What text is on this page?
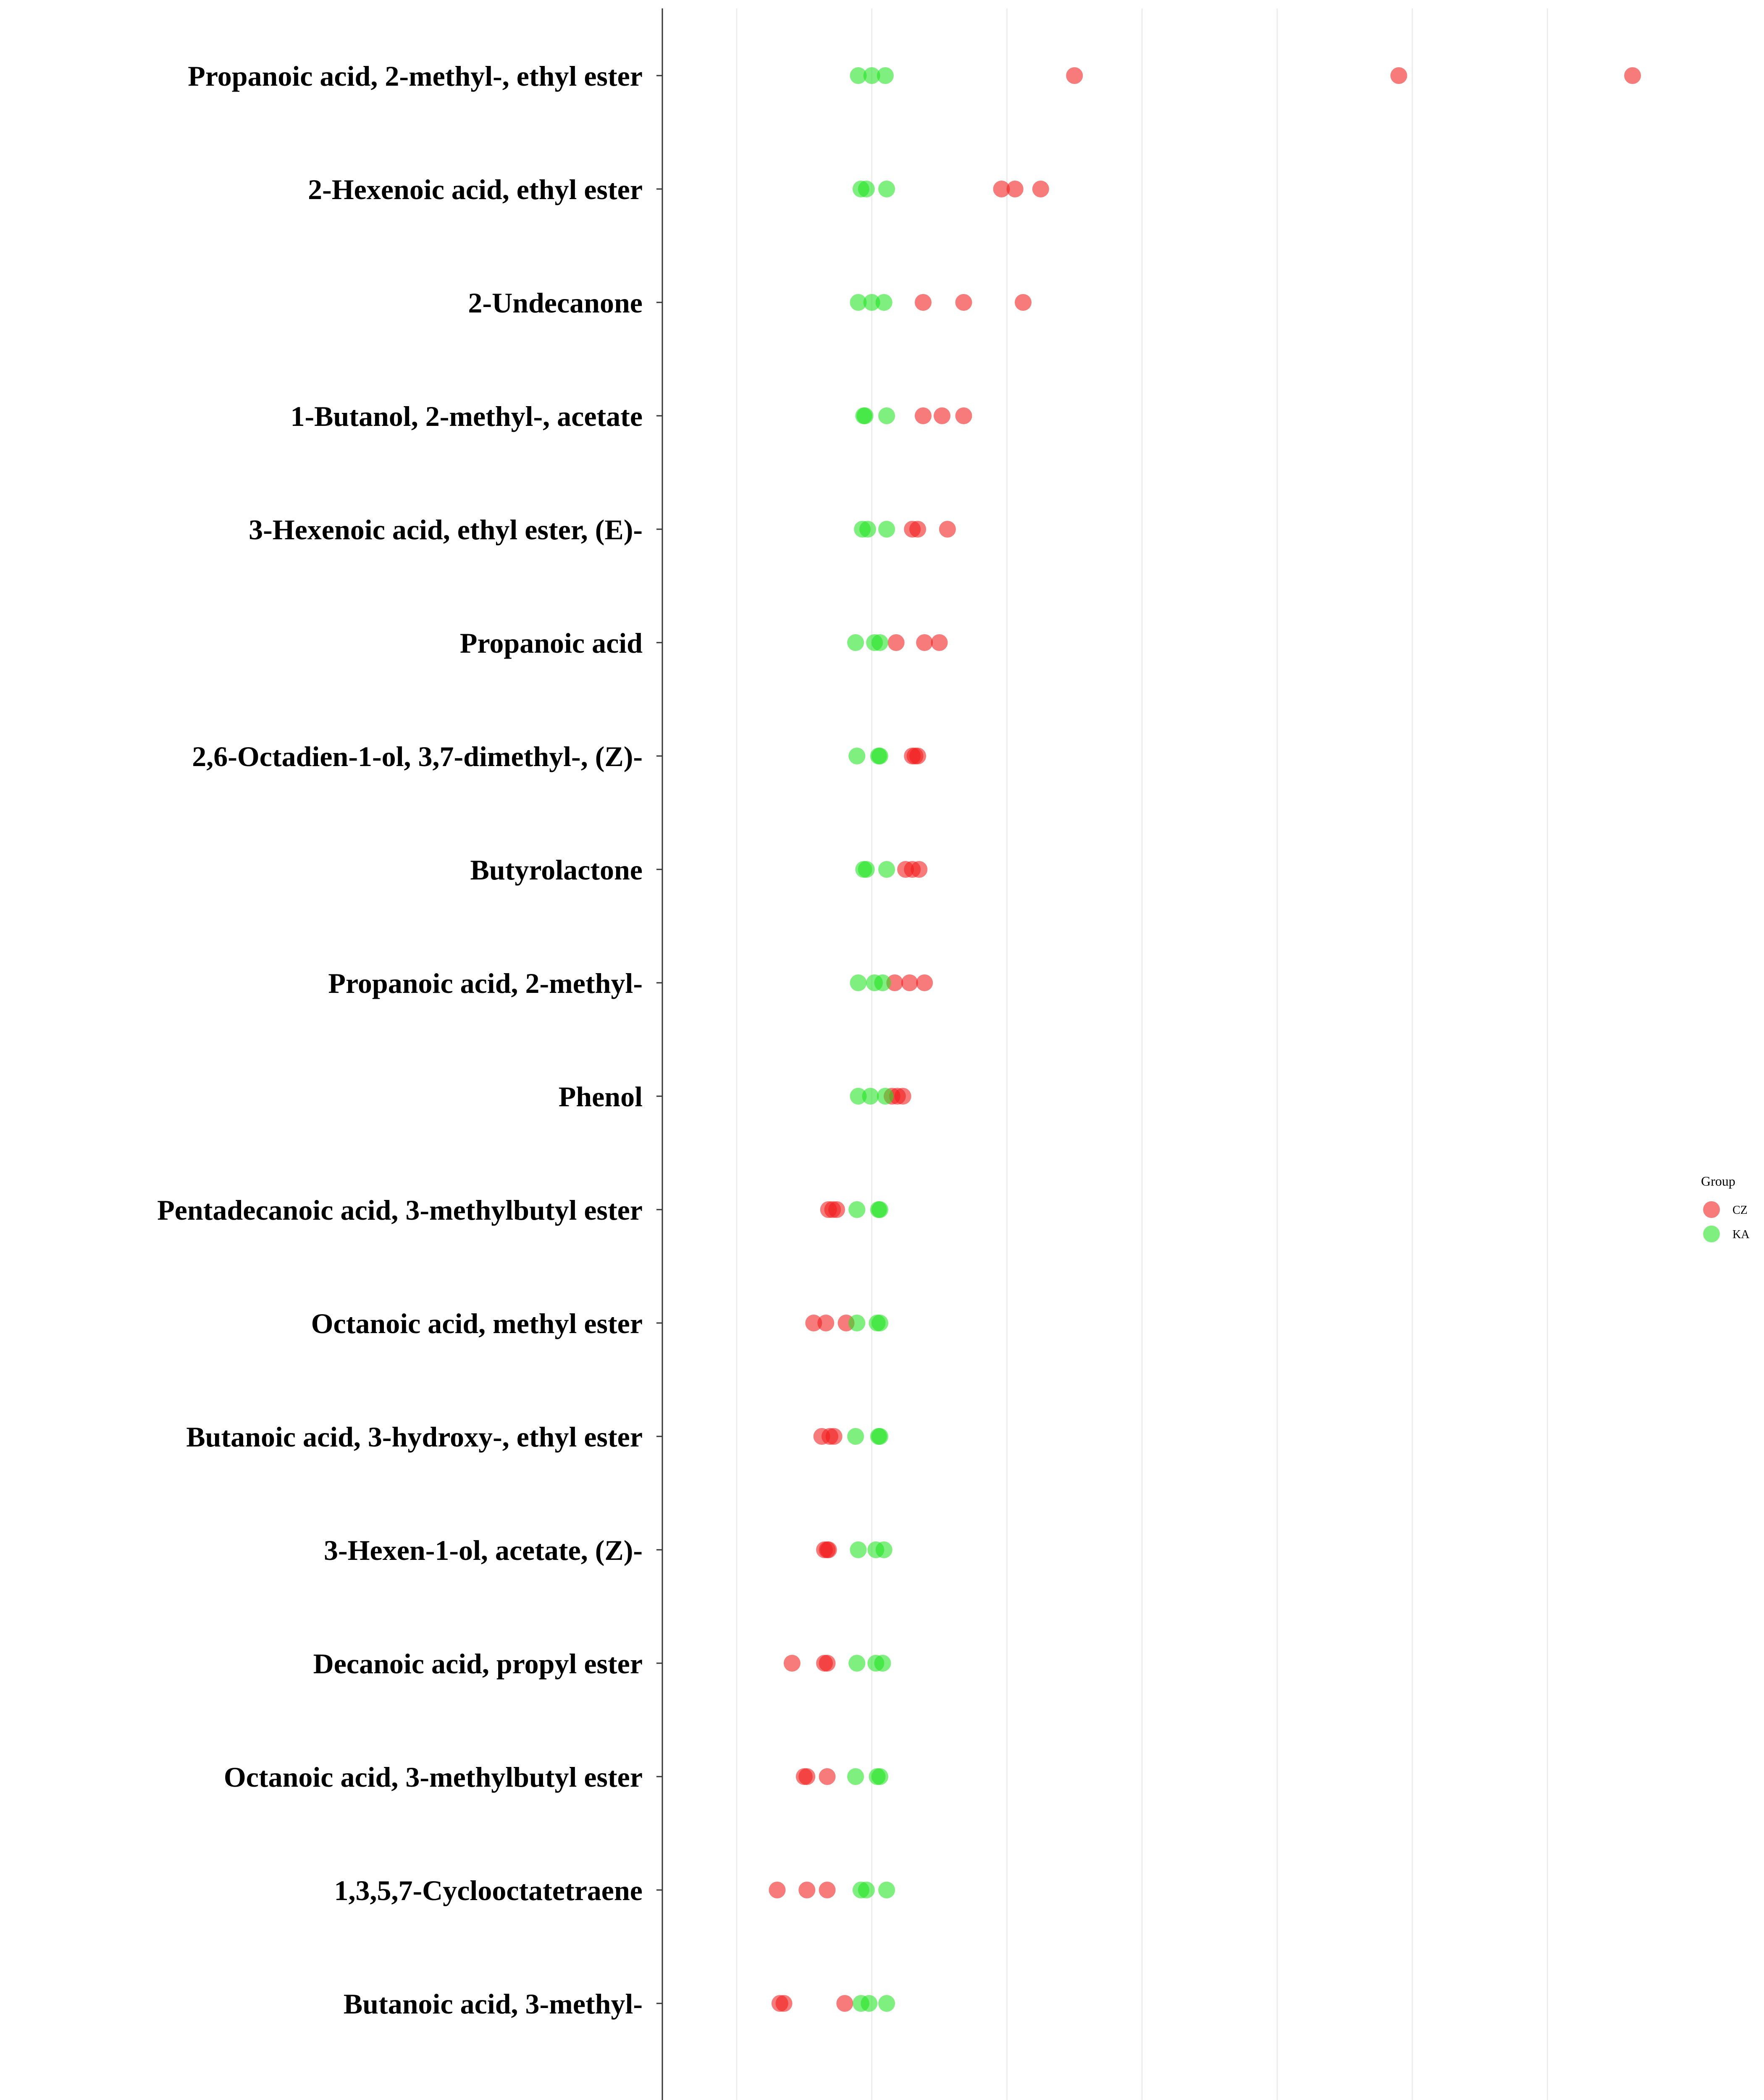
Propanoic acid, 2-methyl-, ethyl ester
2-Hexenoic acid, ethyl ester
2-Undecanone
1-Butanol, 2-methyl-, acetate
3-Hexenoic acid, ethyl ester, (E)-
Propanoic acid
2,6-Octadien-1-ol, 3,7-dimethyl-, (Z)-
Butyrolactone
Propanoic acid, 2-methyl-
Phenol
Pentadecanoic acid, 3-methylbutyl ester
Octanoic acid, methyl ester
Butanoic acid, 3-hydroxy-, ethyl ester
3-Hexen-1-ol, acetate, (Z)-
Decanoic acid, propyl ester
Octanoic acid, 3-methylbutyl ester
1,3,5,7-Cyclooctatetraene
Butanoic acid, 3-methyl-
Group
CZ
KA
